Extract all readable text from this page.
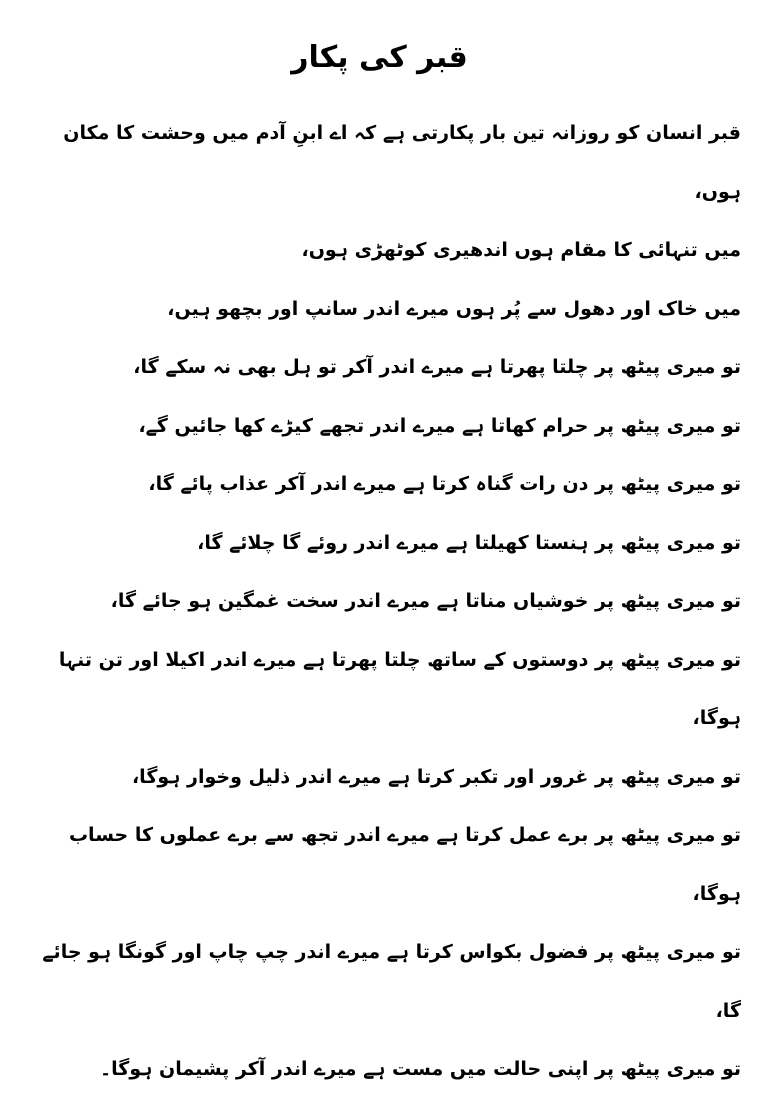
قبر کی پکار
قبر انسان کو روزانہ تین بار پکارتی ہے کہ اے ابنِ آدم میں وحشت کا مکان ہوں،
میں تنہائی کا مقام ہوں اندھیری کوٹھڑی ہوں،
میں خاک اور دھول سے پُر ہوں میرے اندر سانپ اور بچھو ہیں،
تو میری پیٹھ پر چلتا پھرتا ہے میرے اندر آکر تو ہل بھی نہ سکے گا،
تو میری پیٹھ پر حرام کھاتا ہے میرے اندر تجھے کیڑے کھا جائیں گے،
تو میری پیٹھ پر دن رات گناہ کرتا ہے میرے اندر آکر عذاب پائے گا،
تو میری پیٹھ پر ہنستا کھیلتا ہے میرے اندر روئے گا چلائے گا،
تو میری پیٹھ پر خوشیاں مناتا ہے میرے اندر سخت غمگین ہو جائے گا،
تو میری پیٹھ پر دوستوں کے ساتھ چلتا پھرتا ہے میرے اندر اکیلا اور تن تنہا ہوگا،
تو میری پیٹھ پر غرور اور تکبر کرتا ہے میرے اندر ذلیل وخوار ہوگا،
تو میری پیٹھ پر برے عمل کرتا ہے میرے اندر تجھ سے برے عملوں کا حساب ہوگا،
تو میری پیٹھ پر فضول بکواس کرتا ہے میرے اندر چپ چاپ اور گونگا ہو جائے گا،
تو میری پیٹھ پر اپنی حالت میں مست ہے میرے اندر آکر پشیمان ہوگا۔
